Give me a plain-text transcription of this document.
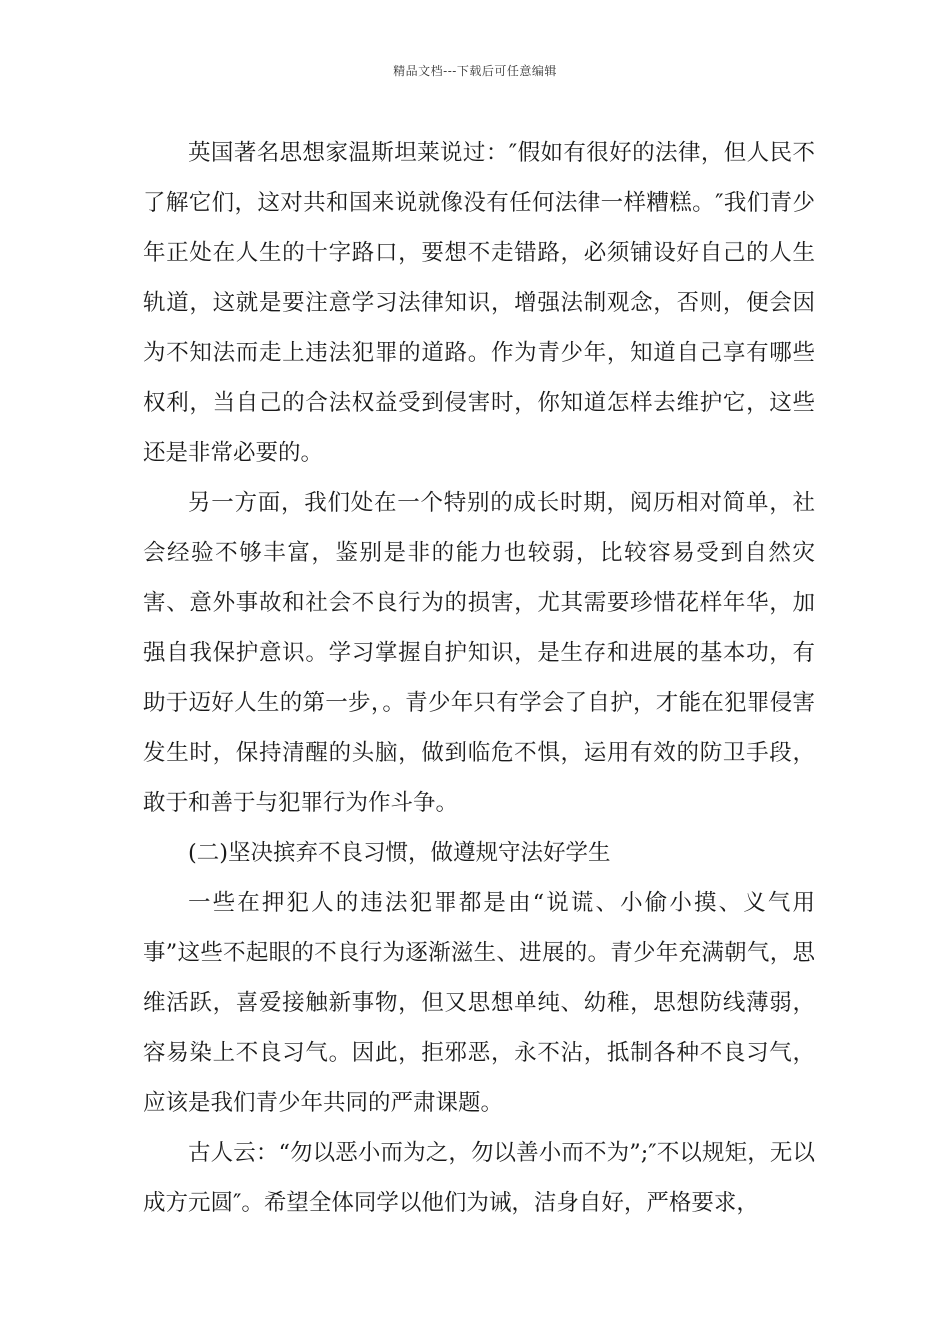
精品文档---下载后可任意编辑

英国著名思想家温斯坦莱说过：″假如有很好的法律，但人民不了解它们，这对共和国来说就像没有任何法律一样糟糕。″我们青少年正处在人生的十字路口，要想不走错路，必须铺设好自己的人生轨道，这就是要注意学习法律知识，增强法制观念，否则，便会因为不知法而走上违法犯罪的道路。作为青少年，知道自己享有哪些权利，当自己的合法权益受到侵害时，你知道怎样去维护它，这些还是非常必要的。

另一方面，我们处在一个特别的成长时期，阅历相对简单，社会经验不够丰富，鉴别是非的能力也较弱，比较容易受到自然灾害、意外事故和社会不良行为的损害，尤其需要珍惜花样年华，加强自我保护意识。学习掌握自护知识，是生存和进展的基本功，有助于迈好人生的第一步，。青少年只有学会了自护，才能在犯罪侵害发生时，保持清醒的头脑，做到临危不惧，运用有效的防卫手段，敢于和善于与犯罪行为作斗争。

(二)坚决摈弃不良习惯，做遵规守法好学生

一些在押犯人的违法犯罪都是由“说谎、小偷小摸、义气用事”这些不起眼的不良行为逐渐滋生、进展的。青少年充满朝气，思维活跃，喜爱接触新事物，但又思想单纯、幼稚，思想防线薄弱，容易染上不良习气。因此，拒邪恶，永不沾，抵制各种不良习气，应该是我们青少年共同的严肃课题。

古人云：“勿以恶小而为之，勿以善小而不为”;″不以规矩，无以成方元圆″。希望全体同学以他们为诫，洁身自好，严格要求，
